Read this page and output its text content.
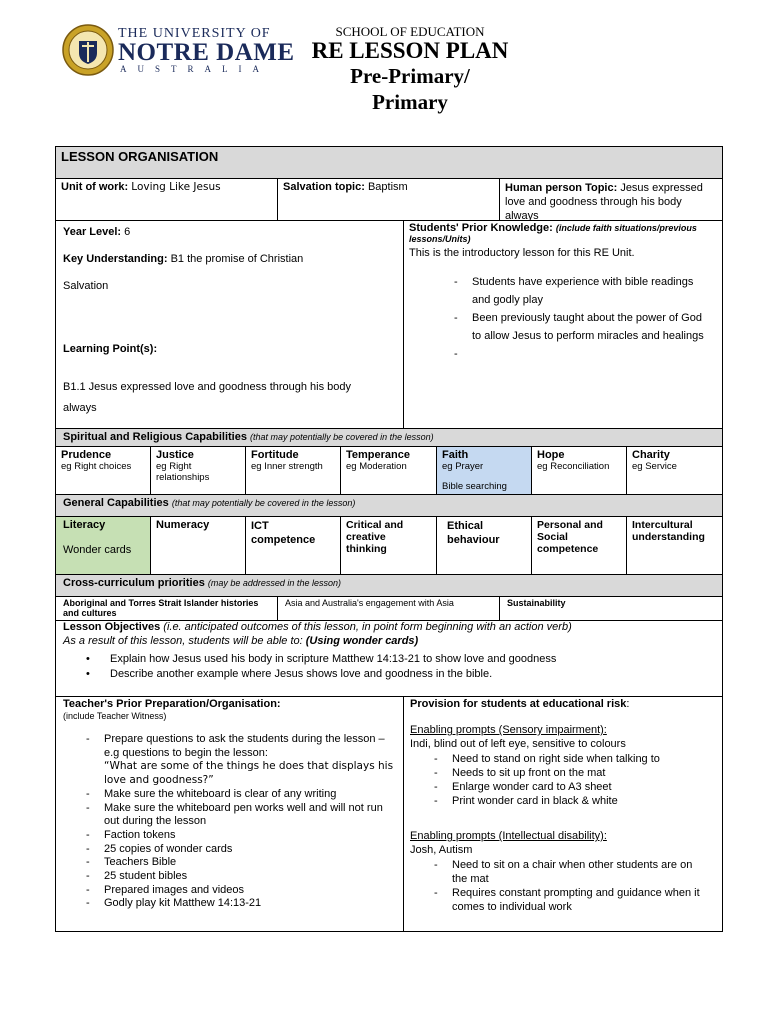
THE UNIVERSITY OF
NOTRE DAME
AUSTRALIA
SCHOOL OF EDUCATION
RE LESSON PLAN
Pre-Primary/
Primary
LESSON ORGANISATION
Unit of work: Loving Like Jesus	Salvation topic: Baptism	Human person Topic: Jesus expressed love and goodness through his body always
Year Level: 6
Key Understanding: B1 the promise of Christian
Salvation
Learning Point(s):
B1.1 Jesus expressed love and goodness through his body always
Students' Prior Knowledge: (include faith situations/previous lessons/Units)
This is the introductory lesson for this RE Unit.
- Students have experience with bible readings and godly play
- Been previously taught about the power of God to allow Jesus to perform miracles and healings
-
Spiritual and Religious Capabilities (that may potentially be covered in the lesson)
Prudence
eg Right choices
Justice
eg Right relationships
Fortitude
eg Inner strength
Temperance
eg Moderation
Faith
eg Prayer
Bible searching
Hope
eg Reconciliation
Charity
eg Service
General Capabilities (that may potentially be covered in the lesson)
Literacy
Wonder cards
Numeracy	ICT competence
Critical and creative thinking
Ethical behaviour
Personal and Social competence
Intercultural understanding
Cross-curriculum priorities (may be addressed in the lesson)
Aboriginal and Torres Strait Islander histories and cultures
Asia and Australia's engagement with Asia	Sustainability
Lesson Objectives (i.e. anticipated outcomes of this lesson, in point form beginning with an action verb)
As a result of this lesson, students will be able to: (Using wonder cards)
• Explain how Jesus used his body in scripture Matthew 14:13-21 to show love and goodness
• Describe another example where Jesus shows love and goodness in the bible.
Teacher's Prior Preparation/Organisation:
(include Teacher Witness)
- Prepare questions to ask the students during the lesson – e.g questions to begin the lesson:
“What are some of the things he does that displays his love and goodness?”
- Make sure the whiteboard is clear of any writing
- Make sure the whiteboard pen works well and will not run out during the lesson
- Faction tokens
- 25 copies of wonder cards
- Teachers Bible
- 25 student bibles
- Prepared images and videos
- Godly play kit Matthew 14:13-21
Provision for students at educational risk:
Enabling prompts (Sensory impairment):
Indi, blind out of left eye, sensitive to colours
- Need to stand on right side when talking to
- Needs to sit up front on the mat
- Enlarge wonder card to A3 sheet
- Print wonder card in black & white
Enabling prompts (Intellectual disability):
Josh, Autism
- Need to sit on a chair when other students are on the mat
- Requires constant prompting and guidance when it comes to individual work
